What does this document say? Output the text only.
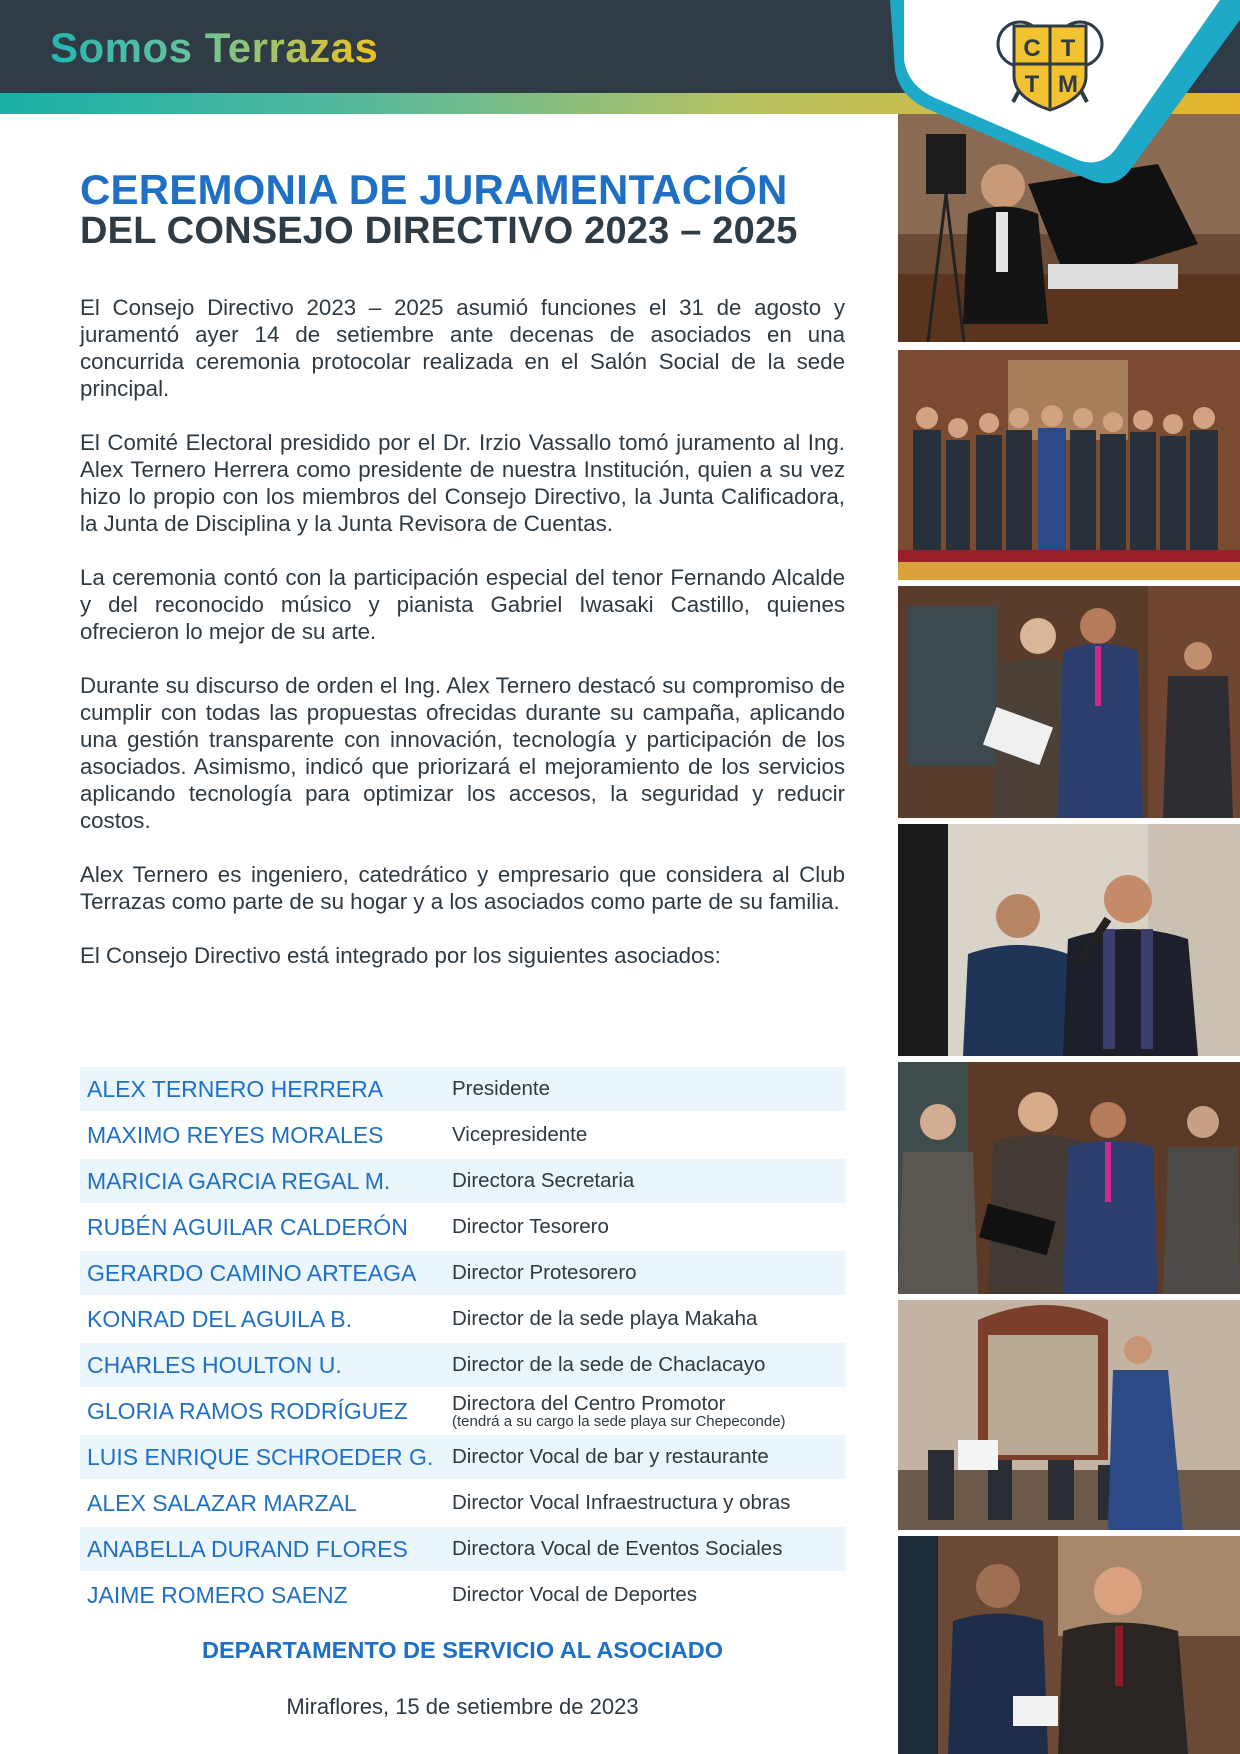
Somos Terrazas	C T
T M
CEREMONIA DE JURAMENTACIÓN
DEL CONSEJO DIRECTIVO 2023 – 2025

El Consejo Directivo 2023 – 2025 asumió funciones el 31 de agosto y juramentó ayer 14 de setiembre ante decenas de asociados en una concurrida ceremonia protocolar realizada en el Salón Social de la sede principal.

El Comité Electoral presidido por el Dr. Irzio Vassallo tomó juramento al Ing. Alex Ternero Herrera como presidente de nuestra Institución, quien a su vez hizo lo propio con los miembros del Consejo Directivo, la Junta Calificadora, la Junta de Disciplina y la Junta Revisora de Cuentas.

La ceremonia contó con la participación especial del tenor Fernando Alcalde y del reconocido músico y pianista Gabriel Iwasaki Castillo, quienes ofrecieron lo mejor de su arte.

Durante su discurso de orden el Ing. Alex Ternero destacó su compromiso de cumplir con todas las propuestas ofrecidas durante su campaña, aplicando una gestión transparente con innovación, tecnología y participación de los asociados. Asimismo, indicó que priorizará el mejoramiento de los servicios aplicando tecnología para optimizar los accesos, la seguridad y reducir costos.

Alex Ternero es ingeniero, catedrático y empresario que considera al Club Terrazas como parte de su hogar y a los asociados como parte de su familia.

El Consejo Directivo está integrado por los siguientes asociados:

ALEX TERNERO HERRERA	Presidente
MAXIMO REYES MORALES	Vicepresidente
MARICIA GARCIA REGAL M.	Directora Secretaria
RUBÉN AGUILAR CALDERÓN	Director Tesorero
GERARDO CAMINO ARTEAGA	Director Protesorero
KONRAD DEL AGUILA B.	Director de la sede playa Makaha
CHARLES HOULTON U.	Director de la sede de Chaclacayo
GLORIA RAMOS RODRÍGUEZ	Directora del Centro Promotor
(tendrá a su cargo la sede playa sur Chepeconde)
LUIS ENRIQUE SCHROEDER G. Director Vocal de bar y restaurante
ALEX SALAZAR MARZAL	Director Vocal Infraestructura y obras
ANABELLA DURAND FLORES	Directora Vocal de Eventos Sociales
JAIME ROMERO SAENZ	Director Vocal de Deportes
DEPARTAMENTO DE SERVICIO AL ASOCIADO
Miraflores, 15 de setiembre de 2023
